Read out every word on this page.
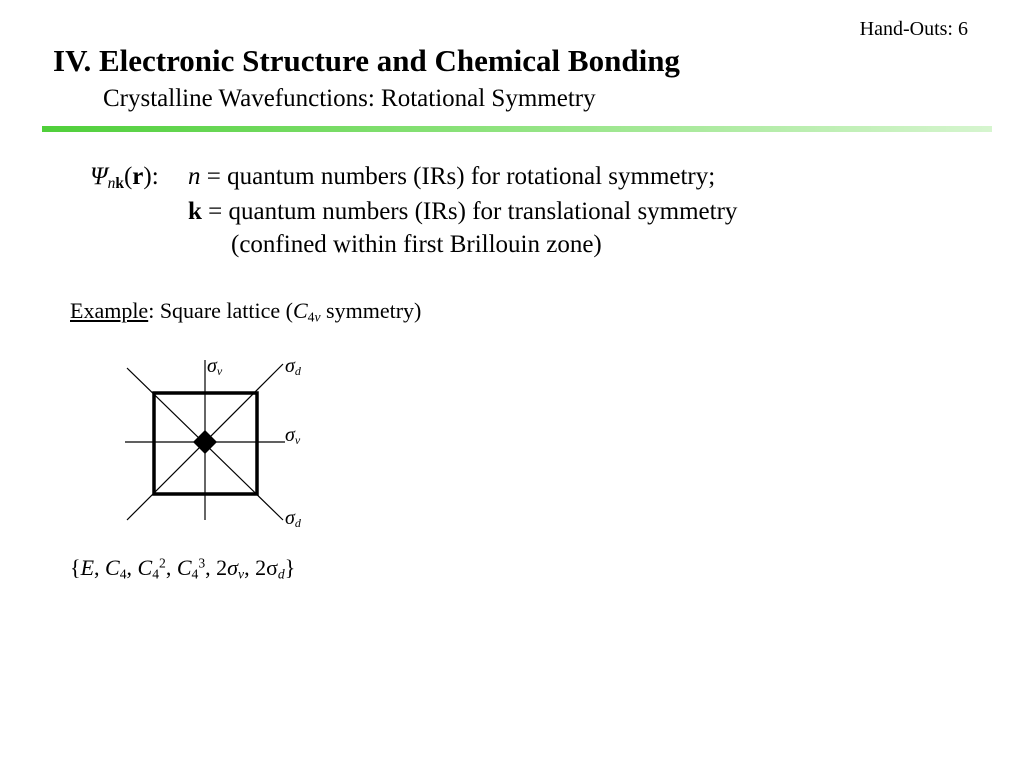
Hand-Outs: 6
IV. Electronic Structure and Chemical Bonding
Crystalline Wavefunctions: Rotational Symmetry
$\Psi_{nk}(r)$: n = quantum numbers (IRs) for rotational symmetry;
k = quantum numbers (IRs) for translational symmetry
(confined within first Brillouin zone)
Example: Square lattice ($C_{4v}$ symmetry)
σv	σd
σv
σd
{E, $C_4$, $C_4^2$, $C_4^3$, $2\sigma_v$, $2\sigma_d$}
